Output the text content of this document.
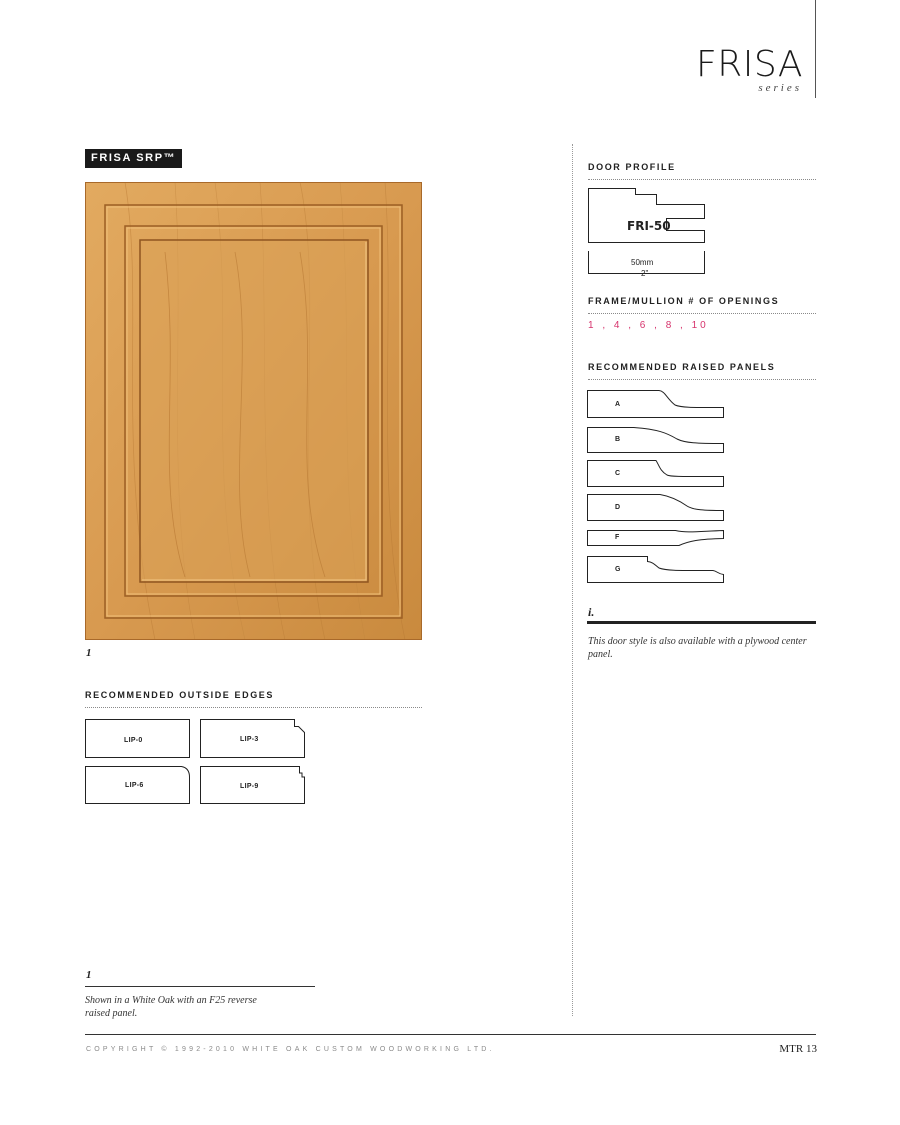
FRISA
series
FRISA SRP™
1
RECOMMENDED OUTSIDE EDGES
LIP-0	LIP-3
LIP-6	LIP-9
DOOR PROFILE
FRI-50
50mm
2"
FRAME/MULLION # OF OPENINGS
1 , 4 , 6 , 8 , 10
RECOMMENDED RAISED PANELS
A
B
C
D
F
G
i.
This door style is also available with a plywood center panel.
1
Shown in a White Oak with an F25 reverse raised panel.
COPYRIGHT © 1992-2010 WHITE OAK CUSTOM WOODWORKING LTD.	MTR 13
